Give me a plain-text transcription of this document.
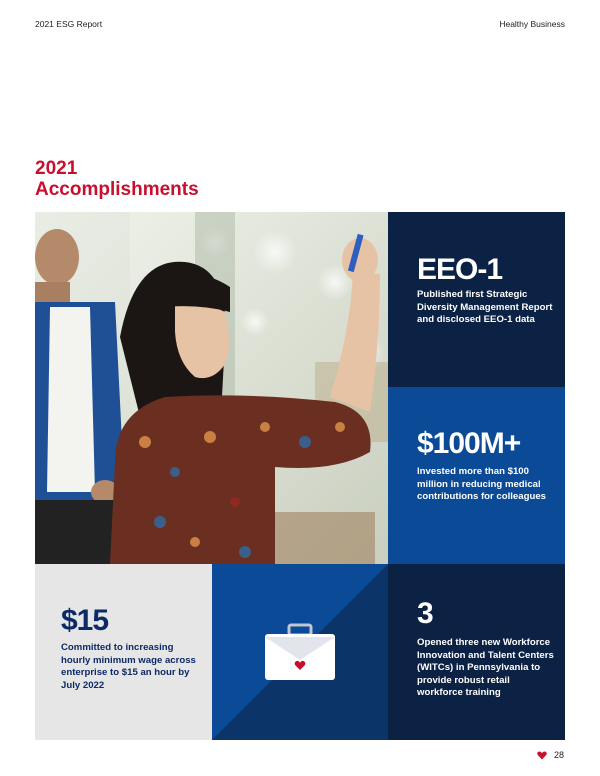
2021 ESG Report	Healthy Business
2021
Accomplishments
EEO-1
Published first Strategic Diversity Management Report and disclosed EEO-1 data
$100M+
Invested more than $100 million in reducing medical contributions for colleagues
$15
Committed to increasing hourly minimum wage across enterprise to $15 an hour by July 2022
3
Opened three new Workforce Innovation and Talent Centers (WITCs) in Pennsylvania to provide robust retail workforce training
28
